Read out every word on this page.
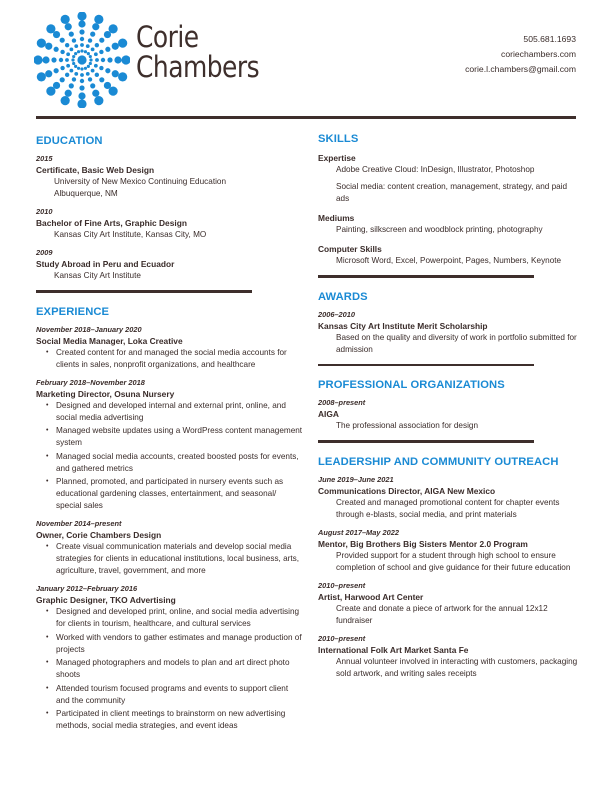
Corie
Chambers
505.681.1693
coriechambers.com
corie.l.chambers@gmail.com
EDUCATION
2015
Certificate, Basic Web Design
University of New Mexico Continuing Education
Albuquerque, NM
2010
Bachelor of Fine Arts, Graphic Design
Kansas City Art Institute, Kansas City, MO
2009
Study Abroad in Peru and Ecuador
Kansas City Art Institute
EXPERIENCE
November 2018–January 2020
Social Media Manager, Loka Creative
• Created content for and managed the social media accounts for clients in sales, nonprofit organizations, and healthcare
February 2018–November 2018
Marketing Director, Osuna Nursery
• Designed and developed internal and external print, online, and social media advertising
• Managed website updates using a WordPress content management system
• Managed social media accounts, created boosted posts for events, and gathered metrics
• Planned, promoted, and participated in nursery events such as educational gardening classes, entertainment, and seasonal/ special sales
November 2014–present
Owner, Corie Chambers Design
• Create visual communication materials and develop social media strategies for clients in educational institutions, local business, arts, agriculture, travel, government, and more
January 2012–February 2016
Graphic Designer, TKO Advertising
• Designed and developed print, online, and social media advertising for clients in tourism, healthcare, and cultural services
• Worked with vendors to gather estimates and manage production of projects
• Managed photographers and models to plan and art direct photo shoots
• Attended tourism focused programs and events to support client and the community
• Participated in client meetings to brainstorm on new advertising methods, social media strategies, and event ideas
SKILLS
Expertise
Adobe Creative Cloud: InDesign, Illustrator, Photoshop
Social media: content creation, management, strategy, and paid ads
Mediums
Painting, silkscreen and woodblock printing, photography
Computer Skills
Microsoft Word, Excel, Powerpoint, Pages, Numbers, Keynote
AWARDS
2006–2010
Kansas City Art Institute Merit Scholarship
Based on the quality and diversity of work in portfolio submitted for admission
PROFESSIONAL ORGANIZATIONS
2008–present
AIGA
The professional association for design
LEADERSHIP AND COMMUNITY OUTREACH
June 2019–June 2021
Communications Director, AIGA New Mexico
Created and managed promotional content for chapter events through e-blasts, social media, and print materials
August 2017–May 2022
Mentor, Big Brothers Big Sisters Mentor 2.0 Program
Provided support for a student through high school to ensure completion of school and give guidance for their future education
2010–present
Artist, Harwood Art Center
Create and donate a piece of artwork for the annual 12x12 fundraiser
2010–present
International Folk Art Market Santa Fe
Annual volunteer involved in interacting with customers, packaging sold artwork, and writing sales receipts
